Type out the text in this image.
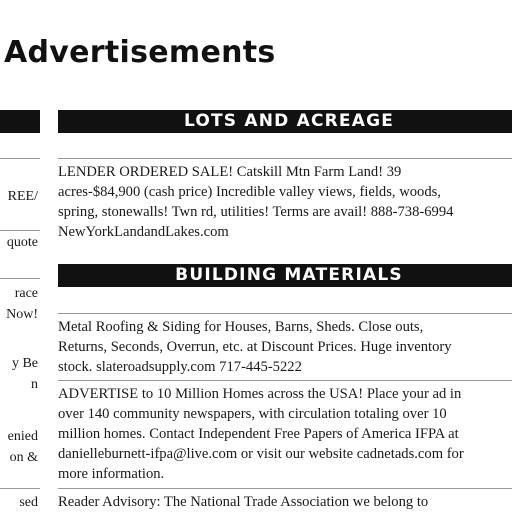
Advertisements
REE/
quote
race
Now!
y Be
n
enied
on &
sed
LOTS AND ACREAGE

LENDER ORDERED SALE! Catskill Mtn Farm Land! 39

acres-$84,900 (cash price) Incredible valley views, fields, woods,

spring, stonewalls! Twn rd, utilities! Terms are avail! 888-738-6994

NewYorkLandandLakes.com

BUILDING MATERIALS

Metal Roofing & Siding for Houses, Barns, Sheds. Close outs,

Returns, Seconds, Overrun, etc. at Discount Prices. Huge inventory

stock. slateroadsupply.com 717-445-5222

ADVERTISE to 10 Million Homes across the USA! Place your ad in

over 140 community newspapers, with circulation totaling over 10

million homes. Contact Independent Free Papers of America IFPA at

danielleburnett-ifpa@live.com or visit our website cadnetads.com for

more information.

Reader Advisory: The National Trade Association we belong to
